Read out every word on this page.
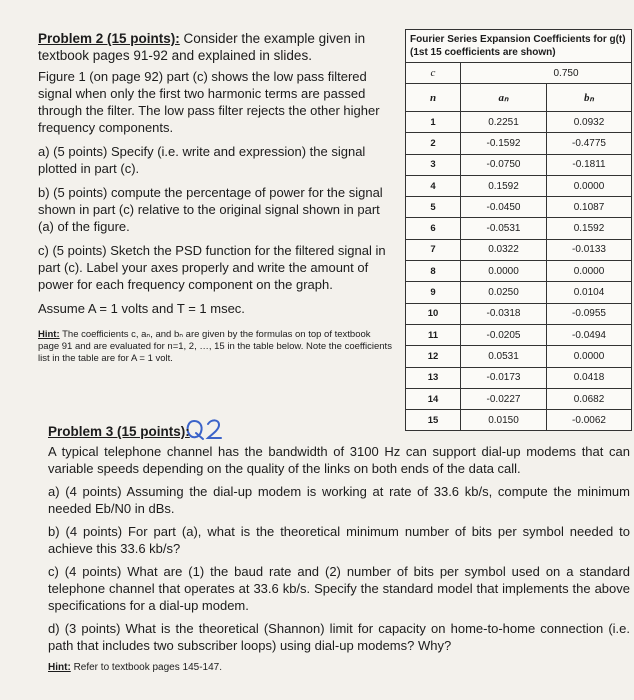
Problem 2 (15 points): Consider the example given in textbook pages 91-92 and explained in slides.
Figure 1 (on page 92) part (c) shows the low pass filtered signal when only the first two harmonic terms are passed through the filter. The low pass filter rejects the other higher frequency components.
a) (5 points) Specify (i.e. write and expression) the signal plotted in part (c).
b) (5 points) compute the percentage of power for the signal shown in part (c) relative to the original signal shown in part (a) of the figure.
c) (5 points) Sketch the PSD function for the filtered signal in part (c). Label your axes properly and write the amount of power for each frequency component on the graph.
Assume A = 1 volts and T = 1 msec.
Hint: The coefficients c, aₙ, and bₙ are given by the formulas on top of textbook page 91 and are evaluated for n=1, 2, …, 15 in the table below. Note the coefficients list in the table are for A = 1 volt.
Fourier Series Expansion Coefficients for g(t) (1st 15 coefficients are shown)		
c	0.750	
n	aₙ	bₙ
1	0.2251	0.0932
2	-0.1592	-0.4775
3	-0.0750	-0.1811
4	0.1592	0.0000
5	-0.0450	0.1087
6	-0.0531	0.1592
7	0.0322	-0.0133
8	0.0000	0.0000
9	0.0250	0.0104
10	-0.0318	-0.0955
11	-0.0205	-0.0494
12	0.0531	0.0000
13	-0.0173	0.0418
14	-0.0227	0.0682
15	0.0150	-0.0062
Problem 3 (15 points):
A typical telephone channel has the bandwidth of 3100 Hz can support dial-up modems that can variable speeds depending on the quality of the links on both ends of the data call.
a) (4 points) Assuming the dial-up modem is working at rate of 33.6 kb/s, compute the minimum needed Eb/N0 in dBs.
b) (4 points) For part (a), what is the theoretical minimum number of bits per symbol needed to achieve this 33.6 kb/s?
c) (4 points) What are (1) the baud rate and (2) number of bits per symbol used on a standard telephone channel that operates at 33.6 kb/s. Specify the standard model that implements the above specifications for a dial-up modem.
d) (3 points) What is the theoretical (Shannon) limit for capacity on home-to-home connection (i.e. path that includes two subscriber loops) using dial-up modems? Why?
Hint: Refer to textbook pages 145-147.
